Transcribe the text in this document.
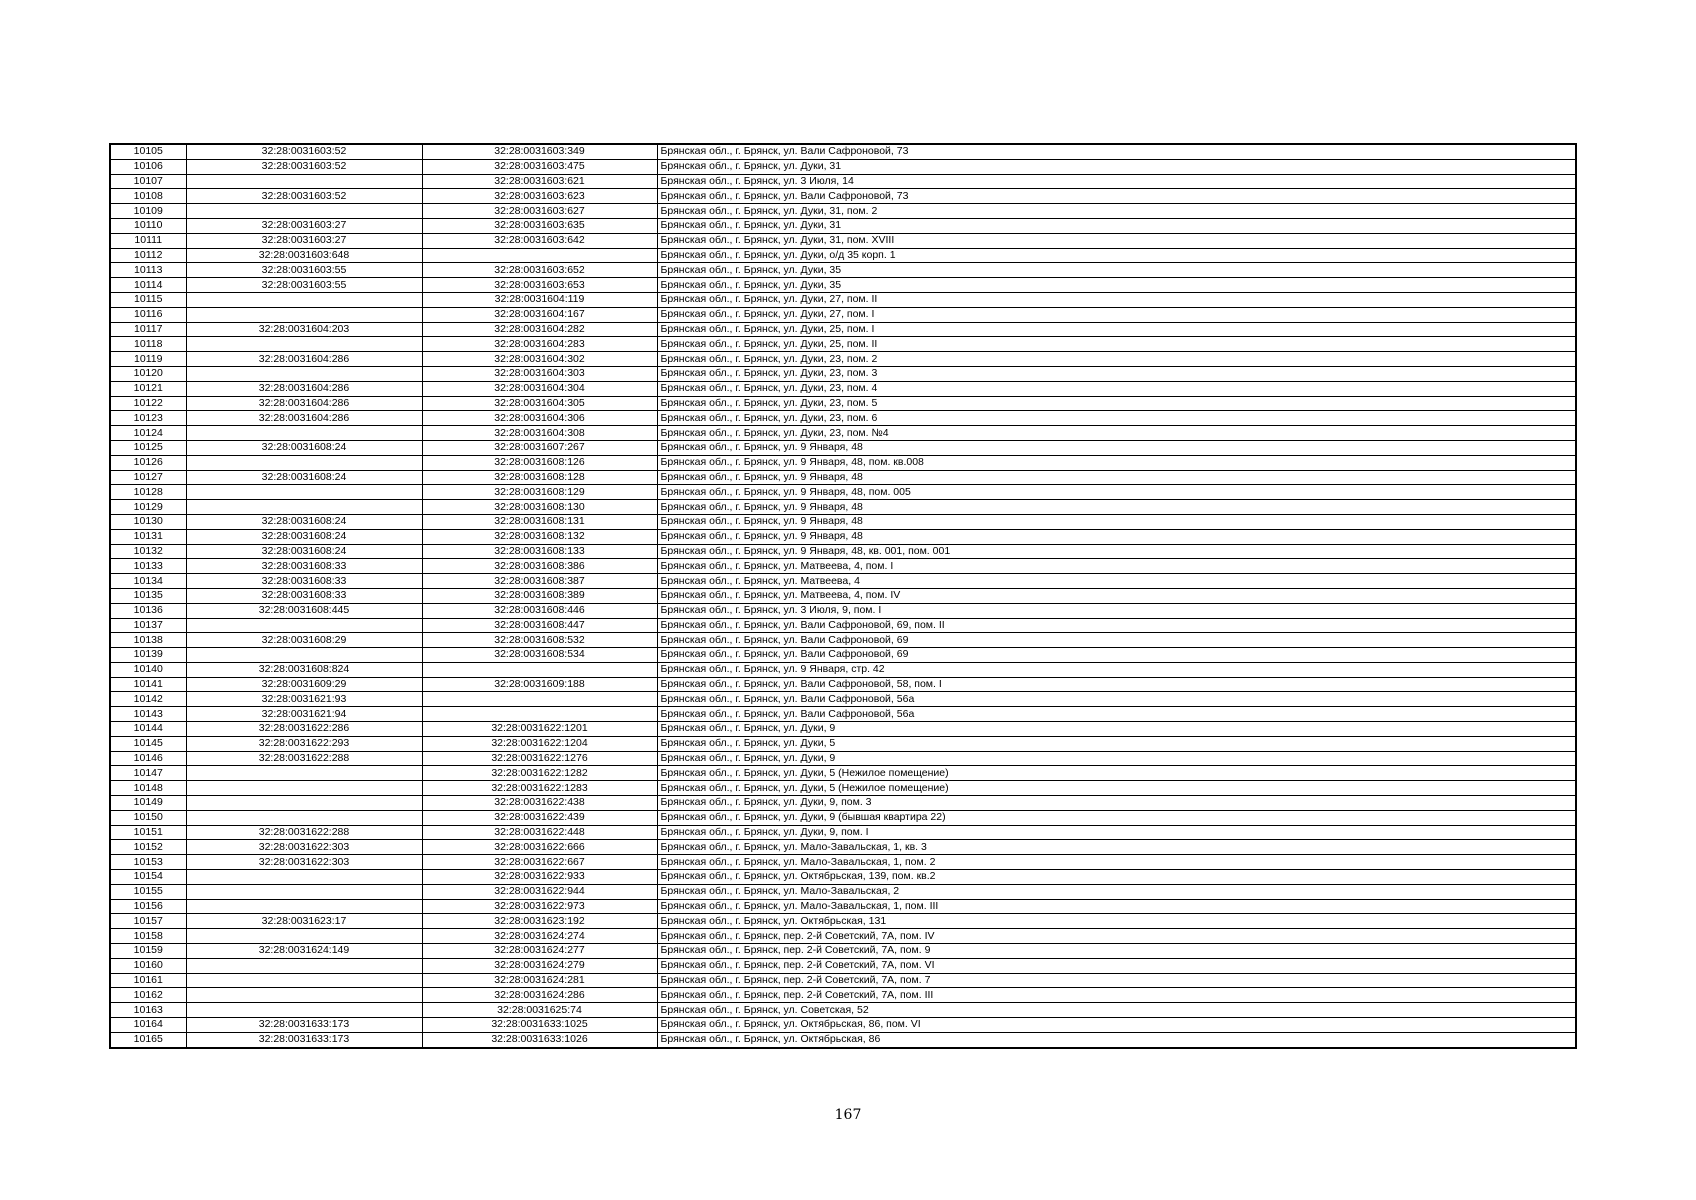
10105	32:28:0031603:52	32:28:0031603:349	Брянская обл., г. Брянск, ул. Вали Сафроновой, 73
10106	32:28:0031603:52	32:28:0031603:475	Брянская обл., г. Брянск, ул. Дуки, 31
10107		32:28:0031603:621	Брянская обл., г. Брянск, ул. 3 Июля, 14
10108	32:28:0031603:52	32:28:0031603:623	Брянская обл., г. Брянск, ул. Вали Сафроновой, 73
10109		32:28:0031603:627	Брянская обл., г. Брянск, ул. Дуки, 31, пом. 2
10110	32:28:0031603:27	32:28:0031603:635	Брянская обл., г. Брянск, ул. Дуки, 31
10111	32:28:0031603:27	32:28:0031603:642	Брянская обл., г. Брянск, ул. Дуки, 31, пом. XVIII
10112	32:28:0031603:648		Брянская обл., г. Брянск, ул. Дуки, о/д 35 корп. 1
10113	32:28:0031603:55	32:28:0031603:652	Брянская обл., г. Брянск, ул. Дуки, 35
10114	32:28:0031603:55	32:28:0031603:653	Брянская обл., г. Брянск, ул. Дуки, 35
10115		32:28:0031604:119	Брянская обл., г. Брянск, ул. Дуки, 27, пом. II
10116		32:28:0031604:167	Брянская обл., г. Брянск, ул. Дуки, 27, пом. I
10117	32:28:0031604:203	32:28:0031604:282	Брянская обл., г. Брянск, ул. Дуки, 25, пом. I
10118		32:28:0031604:283	Брянская обл., г. Брянск, ул. Дуки, 25, пом. II
10119	32:28:0031604:286	32:28:0031604:302	Брянская обл., г. Брянск, ул. Дуки, 23, пом. 2
10120		32:28:0031604:303	Брянская обл., г. Брянск, ул. Дуки, 23, пом. 3
10121	32:28:0031604:286	32:28:0031604:304	Брянская обл., г. Брянск, ул. Дуки, 23, пом. 4
10122	32:28:0031604:286	32:28:0031604:305	Брянская обл., г. Брянск, ул. Дуки, 23, пом. 5
10123	32:28:0031604:286	32:28:0031604:306	Брянская обл., г. Брянск, ул. Дуки, 23, пом. 6
10124		32:28:0031604:308	Брянская обл., г. Брянск, ул. Дуки, 23, пом. №4
10125	32:28:0031608:24	32:28:0031607:267	Брянская обл., г. Брянск, ул. 9 Января, 48
10126		32:28:0031608:126	Брянская обл., г. Брянск, ул. 9 Января, 48, пом. кв.008
10127	32:28:0031608:24	32:28:0031608:128	Брянская обл., г. Брянск, ул. 9 Января, 48
10128		32:28:0031608:129	Брянская обл., г. Брянск, ул. 9 Января, 48, пом. 005
10129		32:28:0031608:130	Брянская обл., г. Брянск, ул. 9 Января, 48
10130	32:28:0031608:24	32:28:0031608:131	Брянская обл., г. Брянск, ул. 9 Января, 48
10131	32:28:0031608:24	32:28:0031608:132	Брянская обл., г. Брянск, ул. 9 Января, 48
10132	32:28:0031608:24	32:28:0031608:133	Брянская обл., г. Брянск, ул. 9 Января, 48, кв. 001, пом. 001
10133	32:28:0031608:33	32:28:0031608:386	Брянская обл., г. Брянск, ул. Матвеева, 4, пом. I
10134	32:28:0031608:33	32:28:0031608:387	Брянская обл., г. Брянск, ул. Матвеева, 4
10135	32:28:0031608:33	32:28:0031608:389	Брянская обл., г. Брянск, ул. Матвеева, 4, пом. IV
10136	32:28:0031608:445	32:28:0031608:446	Брянская обл., г. Брянск, ул. 3 Июля, 9, пом. I
10137		32:28:0031608:447	Брянская обл., г. Брянск, ул. Вали Сафроновой, 69, пом. II
10138	32:28:0031608:29	32:28:0031608:532	Брянская обл., г. Брянск, ул. Вали Сафроновой, 69
10139		32:28:0031608:534	Брянская обл., г. Брянск, ул. Вали Сафроновой, 69
10140	32:28:0031608:824		Брянская обл., г. Брянск, ул. 9 Января, стр. 42
10141	32:28:0031609:29	32:28:0031609:188	Брянская обл., г. Брянск, ул. Вали Сафроновой, 58, пом. I
10142	32:28:0031621:93		Брянская обл., г. Брянск, ул. Вали Сафроновой, 56а
10143	32:28:0031621:94		Брянская обл., г. Брянск, ул. Вали Сафроновой, 56а
10144	32:28:0031622:286	32:28:0031622:1201	Брянская обл., г. Брянск, ул. Дуки, 9
10145	32:28:0031622:293	32:28:0031622:1204	Брянская обл., г. Брянск, ул. Дуки, 5
10146	32:28:0031622:288	32:28:0031622:1276	Брянская обл., г. Брянск, ул. Дуки, 9
10147		32:28:0031622:1282	Брянская обл., г. Брянск, ул. Дуки, 5 (Нежилое помещение)
10148		32:28:0031622:1283	Брянская обл., г. Брянск, ул. Дуки, 5 (Нежилое помещение)
10149		32:28:0031622:438	Брянская обл., г. Брянск, ул. Дуки, 9, пом. 3
10150		32:28:0031622:439	Брянская обл., г. Брянск, ул. Дуки, 9 (бывшая квартира 22)
10151	32:28:0031622:288	32:28:0031622:448	Брянская обл., г. Брянск, ул. Дуки, 9, пом. I
10152	32:28:0031622:303	32:28:0031622:666	Брянская обл., г. Брянск, ул. Мало-Завальская, 1, кв. 3
10153	32:28:0031622:303	32:28:0031622:667	Брянская обл., г. Брянск, ул. Мало-Завальская, 1, пом. 2
10154		32:28:0031622:933	Брянская обл., г. Брянск, ул. Октябрьская, 139, пом. кв.2
10155		32:28:0031622:944	Брянская обл., г. Брянск, ул. Мало-Завальская, 2
10156		32:28:0031622:973	Брянская обл., г. Брянск, ул. Мало-Завальская, 1, пом. III
10157	32:28:0031623:17	32:28:0031623:192	Брянская обл., г. Брянск, ул. Октябрьская, 131
10158		32:28:0031624:274	Брянская обл., г. Брянск, пер. 2-й Советский, 7А, пом. IV
10159	32:28:0031624:149	32:28:0031624:277	Брянская обл., г. Брянск, пер. 2-й Советский, 7А, пом. 9
10160		32:28:0031624:279	Брянская обл., г. Брянск, пер. 2-й Советский, 7А, пом. VI
10161		32:28:0031624:281	Брянская обл., г. Брянск, пер. 2-й Советский, 7А, пом. 7
10162		32:28:0031624:286	Брянская обл., г. Брянск, пер. 2-й Советский, 7А, пом. III
10163		32:28:0031625:74	Брянская обл., г. Брянск, ул. Советская, 52
10164	32:28:0031633:173	32:28:0031633:1025	Брянская обл., г. Брянск, ул. Октябрьская, 86, пом. VI
10165	32:28:0031633:173	32:28:0031633:1026	Брянская обл., г. Брянск, ул. Октябрьская, 86
167
